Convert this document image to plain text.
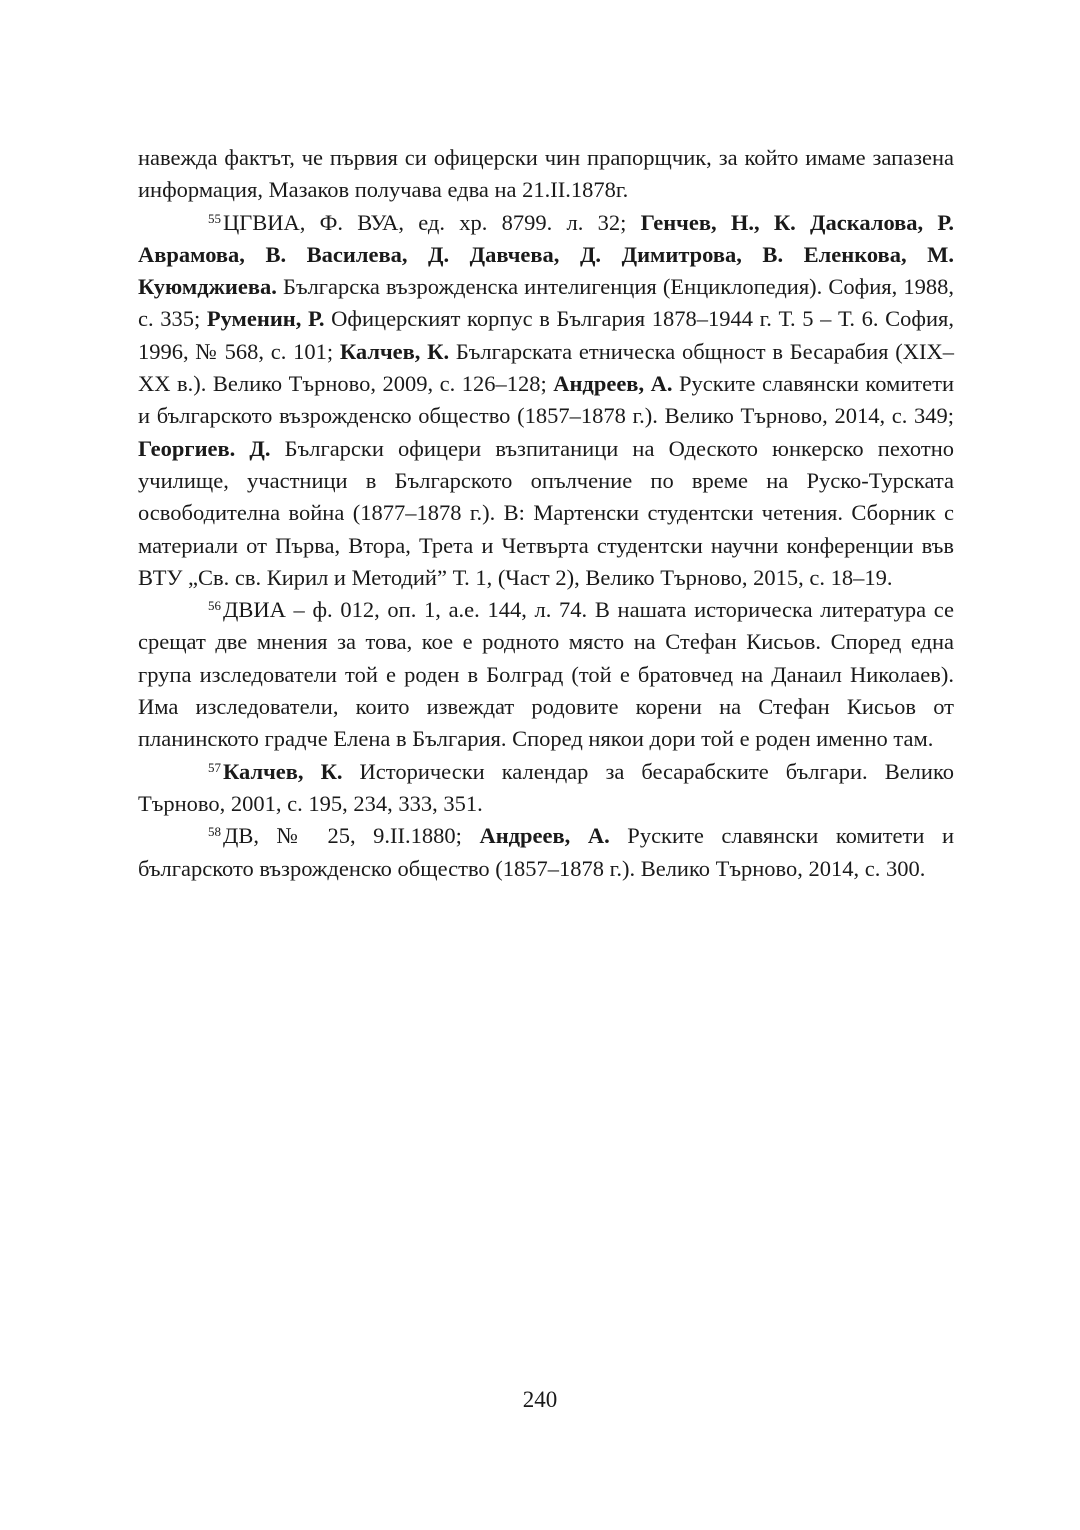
навежда фактът, че първия си офицерски чин прапорщчик, за който имаме запазена информация, Мазаков получава едва на 21.II.1878г.

$^{55}$ЦГВИА, Ф. ВУА, ед. хр. 8799. л. 32; Генчев, Н., К. Даскалова, Р. Аврамова, В. Василева, Д. Давчева, Д. Димитрова, В. Еленкова, М. Куюмджиева. Българска възрожденска интелигенция (Енциклопедия). София, 1988, с. 335; Руменин, Р. Офицерският корпус в България 1878–1944 г. Т. 5 – Т. 6. София, 1996, № 568, с. 101; Калчев, К. Българската етническа общност в Бесарабия (XIX–XX в.). Велико Търново, 2009, с. 126–128; Андреев, А. Руските славянски комитети и българското възрожденско общество (1857–1878 г.). Велико Търново, 2014, с. 349; Георгиев. Д. Български офицери възпитаници на Одеското юнкерско пехотно училище, участници в Българското опълчение по време на Руско-Турската освободителна война (1877–1878 г.). В: Мартенски студентски четения. Сборник с материали от Първа, Втора, Трета и Четвърта студентски научни конференции във ВТУ „Св. св. Кирил и Методий” Т. 1, (Част 2), Велико Търново, 2015, с. 18–19.

$^{56}$ДВИА – ф. 012, оп. 1, а.е. 144, л. 74. В нашата историческа литература се срещат две мнения за това, кое е родното място на Стефан Кисьов. Според една група изследователи той е роден в Болград (той е братовчед на Данаил Николаев). Има изследователи, които извеждат родовите корени на Стефан Кисьов от планинското градче Елена в България. Според някои дори той е роден именно там.

$^{57}$Калчев, К. Исторически календар за бесарабските българи. Велико Търново, 2001, с. 195, 234, 333, 351.

$^{58}$ДВ, № 25, 9.II.1880; Андреев, А. Руските славянски комитети и българското възрожденско общество (1857–1878 г.). Велико Търново, 2014, с. 300.

240
